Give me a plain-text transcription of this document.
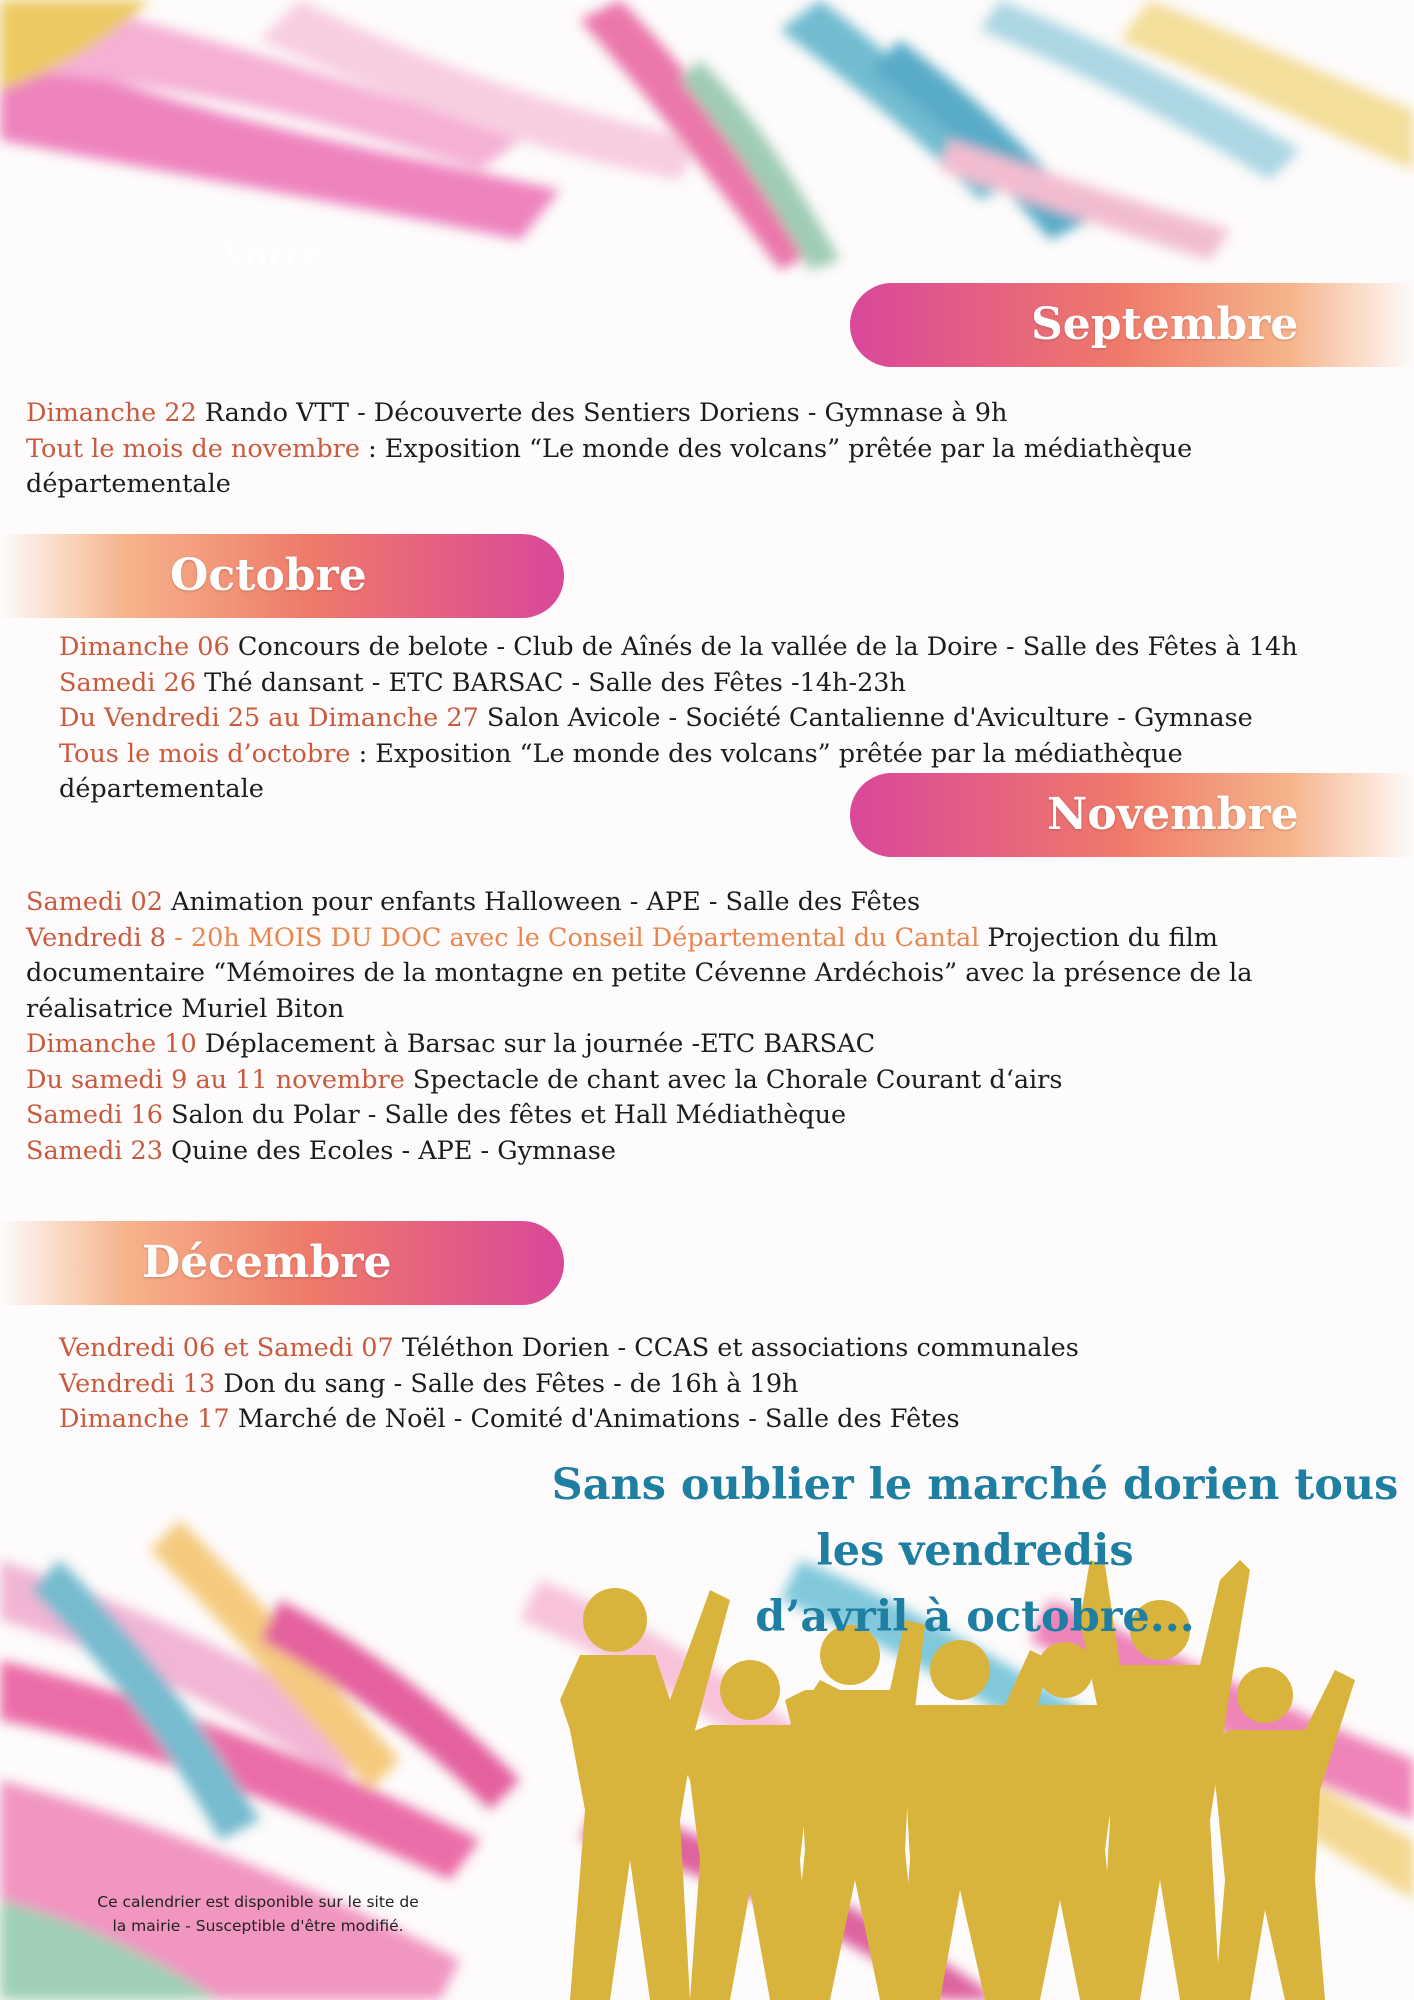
Votre
Septembre

Dimanche 22 Rando VTT - Découverte des Sentiers Doriens - Gymnase à 9h

Tout le mois de novembre : Exposition “Le monde des volcans” prêtée par la médiathèque départementale

Octobre

Dimanche 06 Concours de belote - Club de Aînés de la vallée de la Doire - Salle des Fêtes à 14h

Samedi 26 Thé dansant - ETC BARSAC - Salle des Fêtes -14h-23h

Du Vendredi 25 au Dimanche 27 Salon Avicole - Société Cantalienne d'Aviculture - Gymnase

Tous le mois d’octobre : Exposition “Le monde des volcans” prêtée par la médiathèque départementale	Novembre

Samedi 02 Animation pour enfants Halloween - APE - Salle des Fêtes

Vendredi 8 - 20h MOIS DU DOC avec le Conseil Départemental du Cantal Projection du film documentaire “Mémoires de la montagne en petite Cévenne Ardéchois” avec la présence de la réalisatrice Muriel Biton

Dimanche 10 Déplacement à Barsac sur la journée -ETC BARSAC

Du samedi 9 au 11 novembre Spectacle de chant avec la Chorale Courant d‘airs

Samedi 16 Salon du Polar - Salle des fêtes et Hall Médiathèque

Samedi 23 Quine des Ecoles - APE - Gymnase

Décembre

Vendredi 06 et Samedi 07 Téléthon Dorien - CCAS et associations communales

Vendredi 13 Don du sang - Salle des Fêtes - de 16h à 19h

Dimanche 17 Marché de Noël - Comité d'Animations - Salle des Fêtes

Sans oublier le marché dorien tous
les vendredis
d’avril à octobre...
Ce calendrier est disponible sur le site de
la mairie - Susceptible d'être modifié.
